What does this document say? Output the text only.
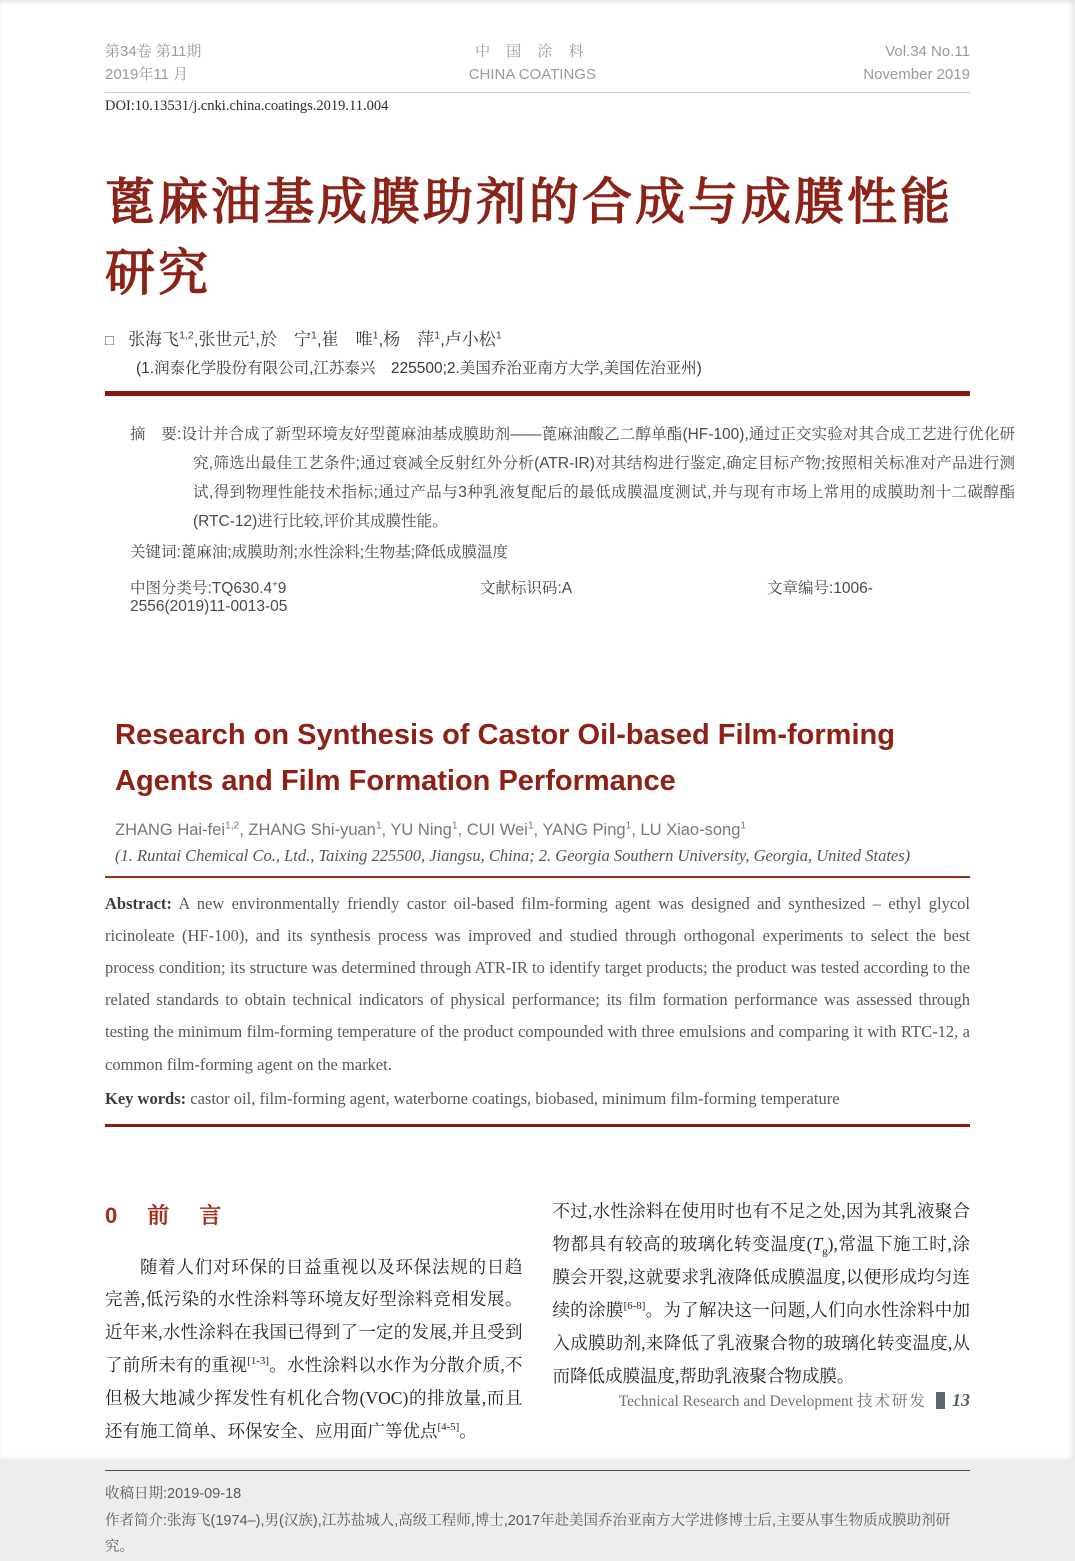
第34卷 第11期
2019年11 月
中 国 涂 料
CHINA COATINGS
Vol.34 No.11
November 2019
DOI:10.13531/j.cnki.china.coatings.2019.11.004
蓖麻油基成膜助剂的合成与成膜性能
研究
□ 张海飞$^{1,2}$,张世元$^1$,於　宁$^1$,崔　唯$^1$,杨　萍$^1$,卢小松$^1$
(1.润泰化学股份有限公司,江苏泰兴　225500;2.美国乔治亚南方大学,美国佐治亚州)
摘　要:设计并合成了新型环境友好型蓖麻油基成膜助剂——蓖麻油酸乙二醇单酯(HF-100),通过正交实验对其合成工艺进行优化研究,筛选出最佳工艺条件;通过衰减全反射红外分析(ATR-IR)对其结构进行鉴定,确定目标产物;按照相关标准对产品进行测试,得到物理性能技术指标;通过产品与3种乳液复配后的最低成膜温度测试,并与现有市场上常用的成膜助剂十二碳醇酯(RTC-12)进行比较,评价其成膜性能。
关键词:蓖麻油;成膜助剂;水性涂料;生物基;降低成膜温度
中图分类号:TQ630.4+9	文献标识码:A	文章编号:1006-2556(2019)11-0013-05
Research on Synthesis of Castor Oil-based Film-forming
Agents and Film Formation Performance
ZHANG Hai-fei$^{1,2}$, ZHANG Shi-yuan$^1$, YU Ning$^1$, CUI Wei$^1$, YANG Ping$^1$, LU Xiao-song$^1$
(1. Runtai Chemical Co., Ltd., Taixing 225500, Jiangsu, China; 2. Georgia Southern University, Georgia, United States)
Abstract: A new environmentally friendly castor oil-based film-forming agent was designed and synthesized – ethyl glycol ricinoleate (HF-100), and its synthesis process was improved and studied through orthogonal experiments to select the best process condition; its structure was determined through ATR-IR to identify target products; the product was tested according to the related standards to obtain technical indicators of physical performance; its film formation performance was assessed through testing the minimum film-forming temperature of the product compounded with three emulsions and comparing it with RTC-12, a common film-forming agent on the market.
Key words: castor oil, film-forming agent, waterborne coatings, biobased, minimum film-forming temperature
0 前　言

随着人们对环保的日益重视以及环保法规的日趋完善,低污染的水性涂料等环境友好型涂料竞相发展。近年来,水性涂料在我国已得到了一定的发展,并且受到了前所未有的重视[1-3]。水性涂料以水作为分散介质,不但极大地减少挥发性有机化合物(VOC)的排放量,而且还有施工简单、环保安全、应用面广等优点[4-5]。

不过,水性涂料在使用时也有不足之处,因为其乳液聚合物都具有较高的玻璃化转变温度$(T_g)$,常温下施工时,涂膜会开裂,这就要求乳液降低成膜温度,以便形成均匀连续的涂膜[6-8]。为了解决这一问题,人们向水性涂料中加入成膜助剂,来降低了乳液聚合物的玻璃化转变温度,从而降低成膜温度,帮助乳液聚合物成膜。

收稿日期:2019-09-18
作者简介:张海飞(1974–),男(汉族),江苏盐城人,高级工程师,博士,2017年赴美国乔治亚南方大学进修博士后,主要从事生物质成膜助剂研究。
Technical Research and Development 技术研发 13
